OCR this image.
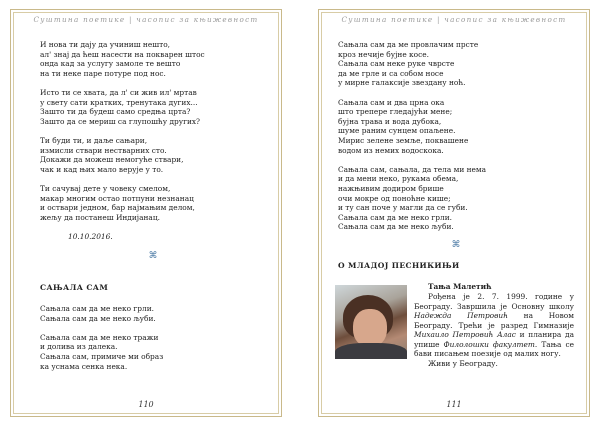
Суштина поетике | часопис за књижевност
И нова ти дају да учиниш нешто,
ал' знај да ћеш насести на покварен штос
онда кад за услугу замоле те вешто
на ти неке паре потуре под нос.
Исто ти се хвата, да л' си жив ил' мртав
у свету сати кратких, тренутака дугих...
Зашто ти да будеш само средња црта?
Зашто да се мериш са глупошћу других?
Ти буди ти, и даље сањари,
измисли ствари нестварних сто.
Докажи да можеш немогуће ствари,
чак и кад њих мало верује у то.
Ти сачувај дете у човеку смелом,
макар многим остао потпуни незнанац
и оствари једном, бар најмањим делом,
жељу да постанеш Индијанац.
10.10.2016.
⌘
САЊАЛА САМ
Сањала сам да ме неко грли.
Сањала сам да ме неко љуби.
Сањала сам да ме неко тражи
и долива из далека.
Сањала сам, примиче ми образ
ка уснама сенка нека.
110
Суштина поетике | часопис за књижевност
Сањала сам да ме провлачим прсте
кроз нечије бујне косе.
Сањала сам неке руке чврсте
да ме грле и са собом носе
у мирне галаксије звездану ноћ.
Сањала сам и два црна ока
што трепере гледајући мене;
бујна трава и вода дубока,
шуме раним сунцем опаљене.
Мирис зелене земље, поквашене
водом из немих водоскока.
Сањала сам, сањала, да тела ми нема
и да мени неко, рукама обема,
нажњивим додиром брише
очи мокре од понoћне кише;
и ту сан поче у магли да се губи.
Сањала сам да ме неко грли.
Сањала сам да ме неко љуби.
⌘
О МЛАДОЈ ПЕСНИКИЊИ
Тања Малетић

Рођена је 2. 7. 1999. године у Београду. Завршила је Основну школу Надежда Петровић на Новом Београду. Трећи је разред Гимназије Михаило Петровић Алас и планира да упише Филолошки факултет. Тања се бави писањем поезије од малих ногу.

Живи у Београду.

111
